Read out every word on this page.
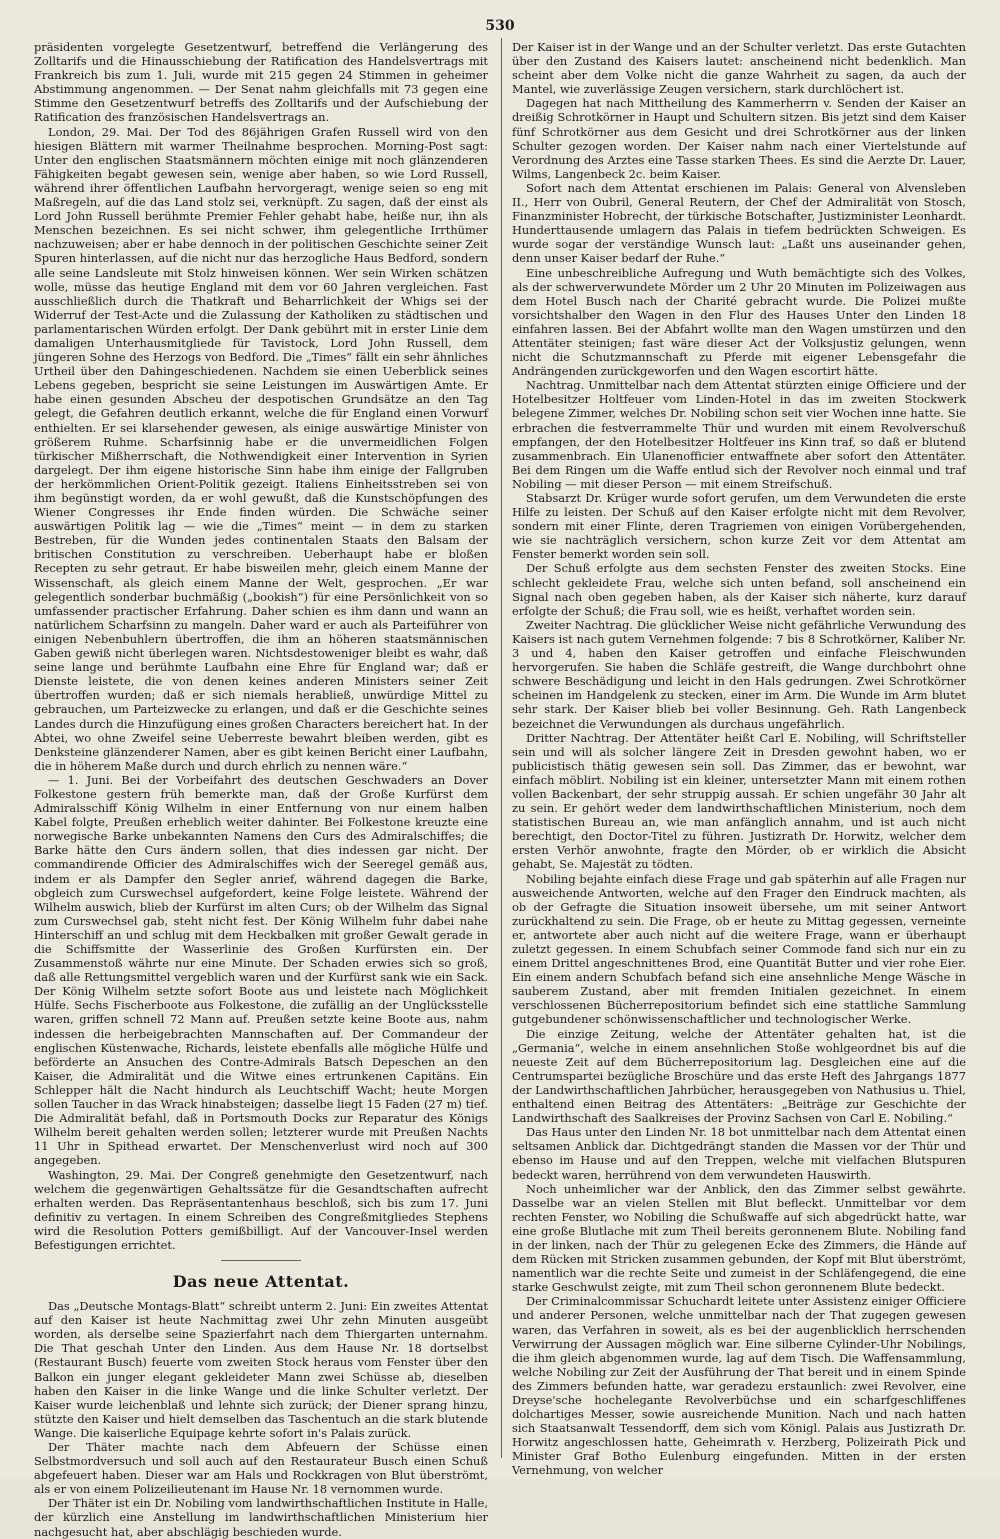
530

präsidenten vorgelegte Gesetzentwurf, betreffend die Verlängerung des Zolltarifs und die Hinausschiebung der Ratification des Handelsvertrags mit Frankreich bis zum 1. Juli, wurde mit 215 gegen 24 Stimmen in geheimer Abstimmung angenommen. — Der Senat nahm gleichfalls mit 73 gegen eine Stimme den Gesetzentwurf betreffs des Zolltarifs und der Aufschiebung der Ratification des französischen Handelsvertrags an.

London, 29. Mai. Der Tod des 86jährigen Grafen Russell wird von den hiesigen Blättern mit warmer Theilnahme besprochen. Morning-Post sagt: Unter den englischen Staatsmännern möchten einige mit noch glänzenderen Fähigkeiten begabt gewesen sein, wenige aber haben, so wie Lord Russell, während ihrer öffentlichen Laufbahn hervorgeragt, wenige seien so eng mit Maßregeln, auf die das Land stolz sei, verknüpft. Zu sagen, daß der einst als Lord John Russell berühmte Premier Fehler gehabt habe, heiße nur, ihn als Menschen bezeichnen. Es sei nicht schwer, ihm gelegentliche Irrthümer nachzuweisen; aber er habe dennoch in der politischen Geschichte seiner Zeit Spuren hinterlassen, auf die nicht nur das herzogliche Haus Bedford, sondern alle seine Landsleute mit Stolz hinweisen können. Wer sein Wirken schätzen wolle, müsse das heutige England mit dem vor 60 Jahren vergleichen. Fast ausschließlich durch die Thatkraft und Beharrlichkeit der Whigs sei der Widerruf der Test-Acte und die Zulassung der Katholiken zu städtischen und parlamentarischen Würden erfolgt. Der Dank gebührt mit in erster Linie dem damaligen Unterhausmitgliede für Tavistock, Lord John Russell, dem jüngeren Sohne des Herzogs von Bedford. Die „Times“ fällt ein sehr ähnliches Urtheil über den Dahingeschiedenen. Nachdem sie einen Ueberblick seines Lebens gegeben, bespricht sie seine Leistungen im Auswärtigen Amte. Er habe einen gesunden Abscheu der despotischen Grundsätze an den Tag gelegt, die Gefahren deutlich erkannt, welche die für England einen Vorwurf enthielten. Er sei klarsehender gewesen, als einige auswärtige Minister von größerem Ruhme. Scharfsinnig habe er die unvermeidlichen Folgen türkischer Mißherrschaft, die Nothwendigkeit einer Intervention in Syrien dargelegt. Der ihm eigene historische Sinn habe ihm einige der Fallgruben der herkömmlichen Orient-Politik gezeigt. Italiens Einheitsstreben sei von ihm begünstigt worden, da er wohl gewußt, daß die Kunstschöpfungen des Wiener Congresses ihr Ende finden würden. Die Schwäche seiner auswärtigen Politik lag — wie die „Times“ meint — in dem zu starken Bestreben, für die Wunden jedes continentalen Staats den Balsam der britischen Constitution zu verschreiben. Ueberhaupt habe er bloßen Recepten zu sehr getraut. Er habe bisweilen mehr, gleich einem Manne der Wissenschaft, als gleich einem Manne der Welt, gesprochen. „Er war gelegentlich sonderbar buchmäßig („bookish“) für eine Persönlichkeit von so umfassender practischer Erfahrung. Daher schien es ihm dann und wann an natürlichem Scharfsinn zu mangeln. Daher ward er auch als Parteiführer von einigen Nebenbuhlern übertroffen, die ihm an höheren staatsmännischen Gaben gewiß nicht überlegen waren. Nichtsdestoweniger bleibt es wahr, daß seine lange und berühmte Laufbahn eine Ehre für England war; daß er Dienste leistete, die von denen keines anderen Ministers seiner Zeit übertroffen wurden; daß er sich niemals herabließ, unwürdige Mittel zu gebrauchen, um Parteizwecke zu erlangen, und daß er die Geschichte seines Landes durch die Hinzufügung eines großen Characters bereichert hat. In der Abtei, wo ohne Zweifel seine Ueberreste bewahrt bleiben werden, gibt es Denksteine glänzenderer Namen, aber es gibt keinen Bericht einer Laufbahn, die in höherem Maße durch und durch ehrlich zu nennen wäre.“

— 1. Juni. Bei der Vorbeifahrt des deutschen Geschwaders an Dover Folkestone gestern früh bemerkte man, daß der Große Kurfürst dem Admiralsschiff König Wilhelm in einer Entfernung von nur einem halben Kabel folgte, Preußen erheblich weiter dahinter. Bei Folkestone kreuzte eine norwegische Barke unbekannten Namens den Curs des Admiralschiffes; die Barke hätte den Curs ändern sollen, that dies indessen gar nicht. Der commandirende Officier des Admiralschiffes wich der Seeregel gemäß aus, indem er als Dampfer den Segler anrief, während dagegen die Barke, obgleich zum Curswechsel aufgefordert, keine Folge leistete. Während der Wilhelm auswich, blieb der Kurfürst im alten Curs; ob der Wilhelm das Signal zum Curswechsel gab, steht nicht fest. Der König Wilhelm fuhr dabei nahe Hinterschiff an und schlug mit dem Heckbalken mit großer Gewalt gerade in die Schiffsmitte der Wasserlinie des Großen Kurfürsten ein. Der Zusammenstoß währte nur eine Minute. Der Schaden erwies sich so groß, daß alle Rettungsmittel vergeblich waren und der Kurfürst sank wie ein Sack. Der König Wilhelm setzte sofort Boote aus und leistete nach Möglichkeit Hülfe. Sechs Fischerboote aus Folkestone, die zufällig an der Unglücksstelle waren, griffen schnell 72 Mann auf. Preußen setzte keine Boote aus, nahm indessen die herbeigebrachten Mannschaften auf. Der Commandeur der englischen Küstenwache, Richards, leistete ebenfalls alle mögliche Hülfe und beförderte an Ansuchen des Contre-Admirals Batsch Depeschen an den Kaiser, die Admiralität und die Witwe eines ertrunkenen Capitäns. Ein Schlepper hält die Nacht hindurch als Leuchtschiff Wacht; heute Morgen sollen Taucher in das Wrack hinabsteigen; dasselbe liegt 15 Faden (27 m) tief. Die Admiralität befahl, daß in Portsmouth Docks zur Reparatur des Königs Wilhelm bereit gehalten werden sollen; letzterer wurde mit Preußen Nachts 11 Uhr in Spithead erwartet. Der Menschenverlust wird noch auf 300 angegeben.

Washington, 29. Mai. Der Congreß genehmigte den Gesetzentwurf, nach welchem die gegenwärtigen Gehaltssätze für die Gesandtschaften aufrecht erhalten werden. Das Repräsentantenhaus beschloß, sich bis zum 17. Juni definitiv zu vertagen. In einem Schreiben des Congreßmitgliedes Stephens wird die Resolution Potters gemißbilligt. Auf der Vancouver-Insel werden Befestigungen errichtet.

Das neue Attentat.

Das „Deutsche Montags-Blatt“ schreibt unterm 2. Juni: Ein zweites Attentat auf den Kaiser ist heute Nachmittag zwei Uhr zehn Minuten ausgeübt worden, als derselbe seine Spazierfahrt nach dem Thiergarten unternahm. Die That geschah Unter den Linden. Aus dem Hause Nr. 18 dortselbst (Restaurant Busch) feuerte vom zweiten Stock heraus vom Fenster über den Balkon ein junger elegant gekleideter Mann zwei Schüsse ab, dieselben haben den Kaiser in die linke Wange und die linke Schulter verletzt. Der Kaiser wurde leichenblaß und lehnte sich zurück; der Diener sprang hinzu, stützte den Kaiser und hielt demselben das Taschentuch an die stark blutende Wange. Die kaiserliche Equipage kehrte sofort in's Palais zurück.

Der Thäter machte nach dem Abfeuern der Schüsse einen Selbstmordversuch und soll auch auf den Restaurateur Busch einen Schuß abgefeuert haben. Dieser war am Hals und Rockkragen von Blut überströmt, als er von einem Polizeilieutenant im Hause Nr. 18 vernommen wurde.

Der Thäter ist ein Dr. Nobiling vom landwirthschaftlichen Institute in Halle, der kürzlich eine Anstellung im landwirthschaftlichen Ministerium hier nachgesucht hat, aber abschlägig beschieden wurde.

Der Kaiser ist in der Wange und an der Schulter verletzt. Das erste Gutachten über den Zustand des Kaisers lautet: anscheinend nicht bedenklich. Man scheint aber dem Volke nicht die ganze Wahrheit zu sagen, da auch der Mantel, wie zuverlässige Zeugen versichern, stark durchlöchert ist.

Dagegen hat nach Mittheilung des Kammerherrn v. Senden der Kaiser an dreißig Schrotkörner in Haupt und Schultern sitzen. Bis jetzt sind dem Kaiser fünf Schrotkörner aus dem Gesicht und drei Schrotkörner aus der linken Schulter gezogen worden. Der Kaiser nahm nach einer Viertelstunde auf Verordnung des Arztes eine Tasse starken Thees. Es sind die Aerzte Dr. Lauer, Wilms, Langenbeck 2c. beim Kaiser.

Sofort nach dem Attentat erschienen im Palais: General von Alvensleben II., Herr von Oubril, General Reutern, der Chef der Admiralität von Stosch, Finanzminister Hobrecht, der türkische Botschafter, Justizminister Leonhardt. Hunderttausende umlagern das Palais in tiefem bedrückten Schweigen. Es wurde sogar der verständige Wunsch laut: „Laßt uns auseinander gehen, denn unser Kaiser bedarf der Ruhe.“

Eine unbeschreibliche Aufregung und Wuth bemächtigte sich des Volkes, als der schwerverwundete Mörder um 2 Uhr 20 Minuten im Polizeiwagen aus dem Hotel Busch nach der Charité gebracht wurde. Die Polizei mußte vorsichtshalber den Wagen in den Flur des Hauses Unter den Linden 18 einfahren lassen. Bei der Abfahrt wollte man den Wagen umstürzen und den Attentäter steinigen; fast wäre dieser Act der Volksjustiz gelungen, wenn nicht die Schutzmannschaft zu Pferde mit eigener Lebensgefahr die Andrängenden zurückgeworfen und den Wagen escortirt hätte.

Nachtrag. Unmittelbar nach dem Attentat stürzten einige Officiere und der Hotelbesitzer Holtfeuer vom Linden-Hotel in das im zweiten Stockwerk belegene Zimmer, welches Dr. Nobiling schon seit vier Wochen inne hatte. Sie erbrachen die festverrammelte Thür und wurden mit einem Revolverschuß empfangen, der den Hotelbesitzer Holtfeuer ins Kinn traf, so daß er blutend zusammenbrach. Ein Ulanenofficier entwaffnete aber sofort den Attentäter. Bei dem Ringen um die Waffe entlud sich der Revolver noch einmal und traf Nobiling — mit dieser Person — mit einem Streifschuß.

Stabsarzt Dr. Krüger wurde sofort gerufen, um dem Verwundeten die erste Hilfe zu leisten. Der Schuß auf den Kaiser erfolgte nicht mit dem Revolver, sondern mit einer Flinte, deren Tragriemen von einigen Vorübergehenden, wie sie nachträglich versichern, schon kurze Zeit vor dem Attentat am Fenster bemerkt worden sein soll.

Der Schuß erfolgte aus dem sechsten Fenster des zweiten Stocks. Eine schlecht gekleidete Frau, welche sich unten befand, soll anscheinend ein Signal nach oben gegeben haben, als der Kaiser sich näherte, kurz darauf erfolgte der Schuß; die Frau soll, wie es heißt, verhaftet worden sein.

Zweiter Nachtrag. Die glücklicher Weise nicht gefährliche Verwundung des Kaisers ist nach gutem Vernehmen folgende: 7 bis 8 Schrotkörner, Kaliber Nr. 3 und 4, haben den Kaiser getroffen und einfache Fleischwunden hervorgerufen. Sie haben die Schläfe gestreift, die Wange durchbohrt ohne schwere Beschädigung und leicht in den Hals gedrungen. Zwei Schrotkörner scheinen im Handgelenk zu stecken, einer im Arm. Die Wunde im Arm blutet sehr stark. Der Kaiser blieb bei voller Besinnung. Geh. Rath Langenbeck bezeichnet die Verwundungen als durchaus ungefährlich.

Dritter Nachtrag. Der Attentäter heißt Carl E. Nobiling, will Schriftsteller sein und will als solcher längere Zeit in Dresden gewohnt haben, wo er publicistisch thätig gewesen sein soll. Das Zimmer, das er bewohnt, war einfach möblirt. Nobiling ist ein kleiner, untersetzter Mann mit einem rothen vollen Backenbart, der sehr struppig aussah. Er schien ungefähr 30 Jahr alt zu sein. Er gehört weder dem landwirthschaftlichen Ministerium, noch dem statistischen Bureau an, wie man anfänglich annahm, und ist auch nicht berechtigt, den Doctor-Titel zu führen. Justizrath Dr. Horwitz, welcher dem ersten Verhör anwohnte, fragte den Mörder, ob er wirklich die Absicht gehabt, Se. Majestät zu tödten.

Nobiling bejahte einfach diese Frage und gab späterhin auf alle Fragen nur ausweichende Antworten, welche auf den Frager den Eindruck machten, als ob der Gefragte die Situation insoweit übersehe, um mit seiner Antwort zurückhaltend zu sein. Die Frage, ob er heute zu Mittag gegessen, verneinte er, antwortete aber auch nicht auf die weitere Frage, wann er überhaupt zuletzt gegessen. In einem Schubfach seiner Commode fand sich nur ein zu einem Drittel angeschnittenes Brod, eine Quantität Butter und vier rohe Eier. Ein einem andern Schubfach befand sich eine ansehnliche Menge Wäsche in sauberem Zustand, aber mit fremden Initialen gezeichnet. In einem verschlossenen Bücherrepositorium befindet sich eine stattliche Sammlung gutgebundener schönwissenschaftlicher und technologischer Werke.

Die einzige Zeitung, welche der Attentäter gehalten hat, ist die „Germania“, welche in einem ansehnlichen Stoße wohlgeordnet bis auf die neueste Zeit auf dem Bücherrepositorium lag. Desgleichen eine auf die Centrumspartei bezügliche Broschüre und das erste Heft des Jahrgangs 1877 der Landwirthschaftlichen Jahrbücher, herausgegeben von Nathusius u. Thiel, enthaltend einen Beitrag des Attentäters: „Beiträge zur Geschichte der Landwirthschaft des Saalkreises der Provinz Sachsen von Carl E. Nobiling.“

Das Haus unter den Linden Nr. 18 bot unmittelbar nach dem Attentat einen seltsamen Anblick dar. Dichtgedrängt standen die Massen vor der Thür und ebenso im Hause und auf den Treppen, welche mit vielfachen Blutspuren bedeckt waren, herrührend von dem verwundeten Hauswirth.

Noch unheimlicher war der Anblick, den das Zimmer selbst gewährte. Dasselbe war an vielen Stellen mit Blut befleckt. Unmittelbar vor dem rechten Fenster, wo Nobiling die Schußwaffe auf sich abgedrückt hatte, war eine große Blutlache mit zum Theil bereits geronnenem Blute. Nobiling fand in der linken, nach der Thür zu gelegenen Ecke des Zimmers, die Hände auf dem Rücken mit Stricken zusammen gebunden, der Kopf mit Blut überströmt, namentlich war die rechte Seite und zumeist in der Schläfengegend, die eine starke Geschwulst zeigte, mit zum Theil schon geronnenem Blute bedeckt.

Der Criminalcommissar Schuchardt leitete unter Assistenz einiger Officiere und anderer Personen, welche unmittelbar nach der That zugegen gewesen waren, das Verfahren in soweit, als es bei der augenblicklich herrschenden Verwirrung der Aussagen möglich war. Eine silberne Cylinder-Uhr Nobilings, die ihm gleich abgenommen wurde, lag auf dem Tisch. Die Waffensammlung, welche Nobiling zur Zeit der Ausführung der That bereit und in einem Spinde des Zimmers befunden hatte, war geradezu erstaunlich: zwei Revolver, eine Dreyse'sche hochelegante Revolverbüchse und ein scharfgeschliffenes dolchartiges Messer, sowie ausreichende Munition. Nach und nach hatten sich Staatsanwalt Tessendorff, dem sich vom Königl. Palais aus Justizrath Dr. Horwitz angeschlossen hatte, Geheimrath v. Herzberg, Polizeirath Pick und Minister Graf Botho Eulenburg eingefunden. Mitten in der ersten Vernehmung, von welcher
